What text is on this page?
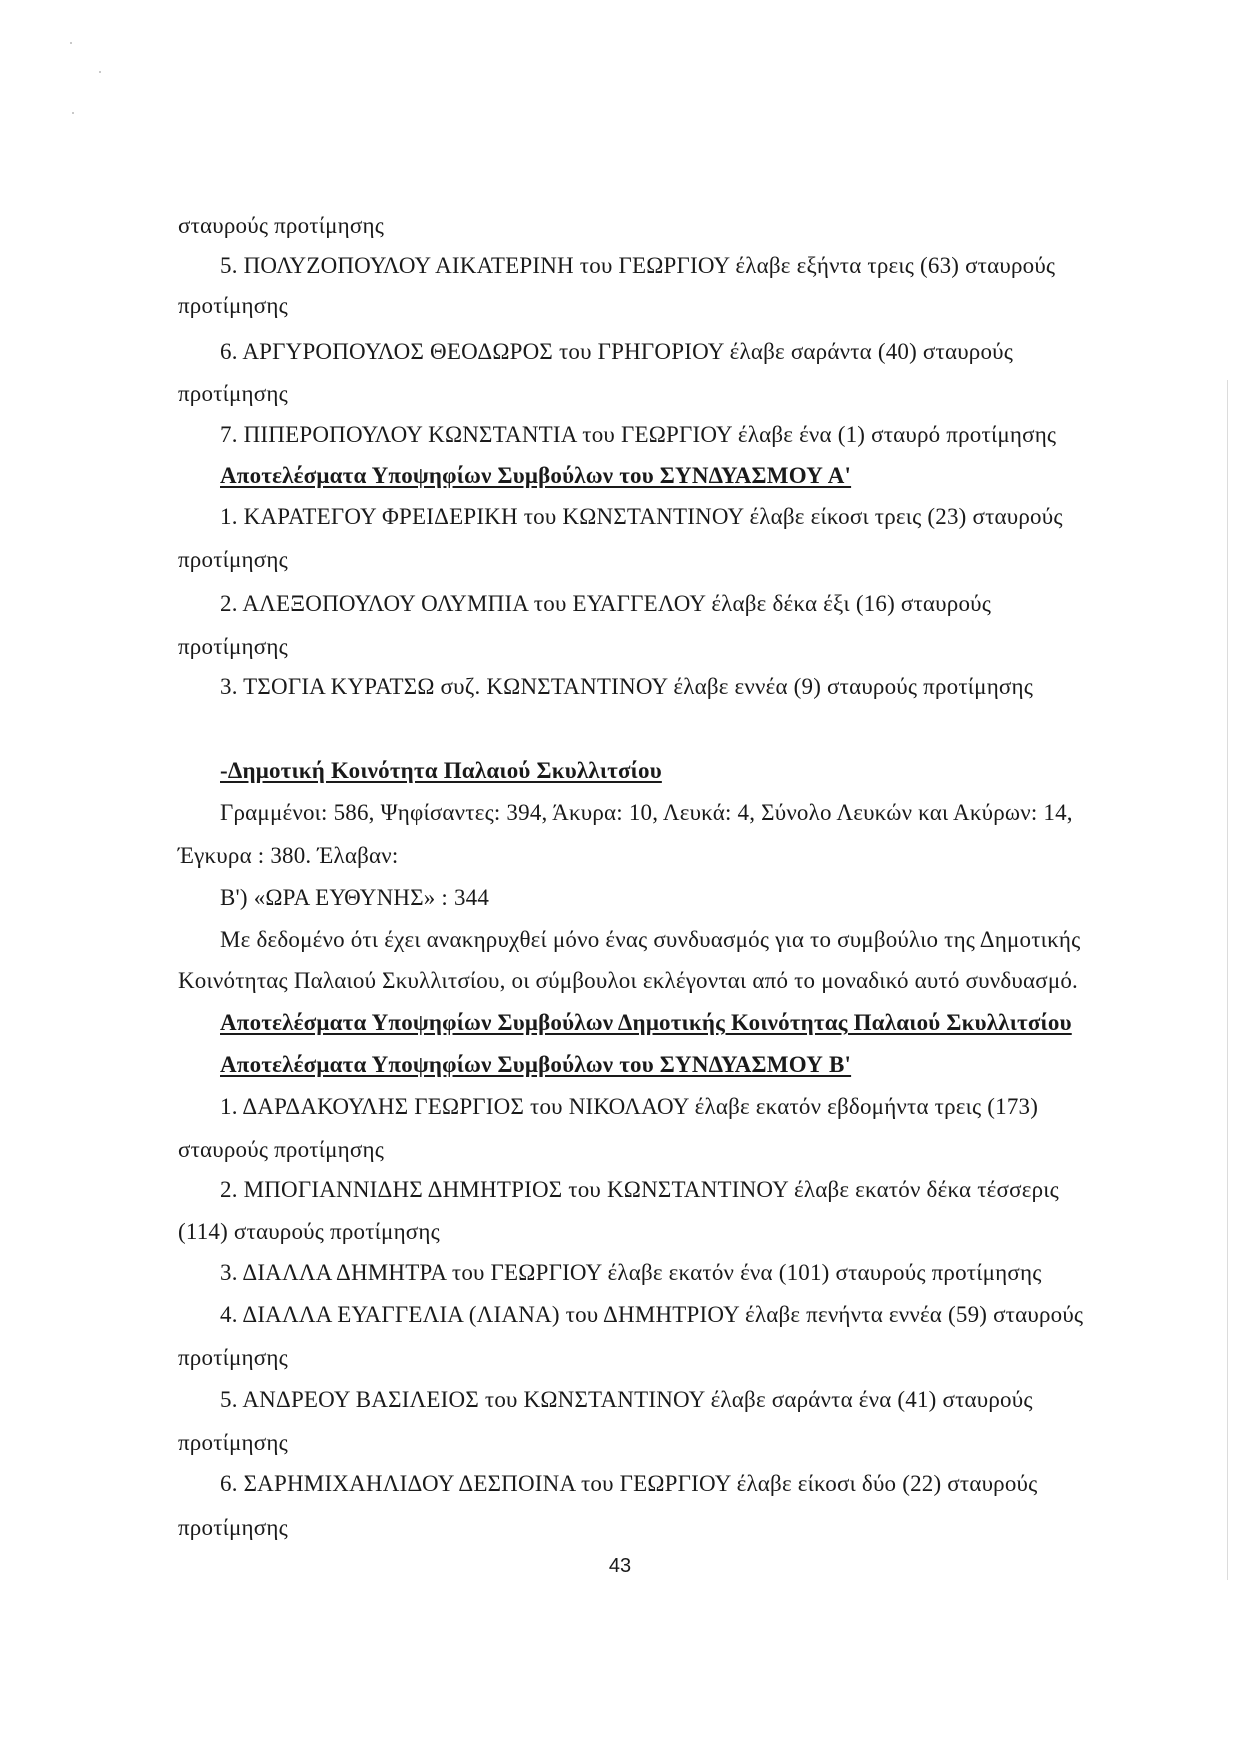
σταυρούς προτίμησης
5. ΠΟΛΥΖΟΠΟΥΛΟΥ ΑΙΚΑΤΕΡΙΝΗ του ΓΕΩΡΓΙΟΥ έλαβε εξήντα τρεις (63) σταυρούς
προτίμησης
6. ΑΡΓΥΡΟΠΟΥΛΟΣ ΘΕΟΔΩΡΟΣ του ΓΡΗΓΟΡΙΟΥ έλαβε σαράντα (40) σταυρούς
προτίμησης
7. ΠΙΠΕΡΟΠΟΥΛΟΥ ΚΩΝΣΤΑΝΤΙΑ του ΓΕΩΡΓΙΟΥ έλαβε ένα (1) σταυρό προτίμησης
Αποτελέσματα Υποψηφίων Συμβούλων του ΣΥΝΔΥΑΣΜΟΥ Α'
1. ΚΑΡΑΤΕΓΟΥ ΦΡΕΙΔΕΡΙΚΗ του ΚΩΝΣΤΑΝΤΙΝΟΥ έλαβε είκοσι τρεις (23) σταυρούς
προτίμησης
2. ΑΛΕΞΟΠΟΥΛΟΥ ΟΛΥΜΠΙΑ του ΕΥΑΓΓΕΛΟΥ έλαβε δέκα έξι (16) σταυρούς
προτίμησης
3. ΤΣΟΓΙΑ ΚΥΡΑΤΣΩ συζ. ΚΩΝΣΤΑΝΤΙΝΟΥ έλαβε εννέα (9) σταυρούς προτίμησης
-Δημοτική Κοινότητα Παλαιού Σκυλλιτσίου
Γραμμένοι: 586, Ψηφίσαντες: 394, Άκυρα: 10, Λευκά: 4, Σύνολο Λευκών και Ακύρων: 14,
Έγκυρα : 380. Έλαβαν:
Β') «ΩΡΑ ΕΥΘΥΝΗΣ» : 344
Με δεδομένο ότι έχει ανακηρυχθεί μόνο ένας συνδυασμός για το συμβούλιο της Δημοτικής
Κοινότητας Παλαιού Σκυλλιτσίου, οι σύμβουλοι εκλέγονται από το μοναδικό αυτό συνδυασμό.
Αποτελέσματα Υποψηφίων Συμβούλων Δημοτικής Κοινότητας Παλαιού Σκυλλιτσίου
Αποτελέσματα Υποψηφίων Συμβούλων του ΣΥΝΔΥΑΣΜΟΥ Β'
1. ΔΑΡΔΑΚΟΥΛΗΣ ΓΕΩΡΓΙΟΣ του ΝΙΚΟΛΑΟΥ έλαβε εκατόν εβδομήντα τρεις (173)
σταυρούς προτίμησης
2. ΜΠΟΓΙΑΝΝΙΔΗΣ ΔΗΜΗΤΡΙΟΣ του ΚΩΝΣΤΑΝΤΙΝΟΥ έλαβε εκατόν δέκα τέσσερις
(114) σταυρούς προτίμησης
3. ΔΙΑΛΛΑ ΔΗΜΗΤΡΑ του ΓΕΩΡΓΙΟΥ έλαβε εκατόν ένα (101) σταυρούς προτίμησης
4. ΔΙΑΛΛΑ ΕΥΑΓΓΕΛΙΑ (ΛΙΑΝΑ) του ΔΗΜΗΤΡΙΟΥ έλαβε πενήντα εννέα (59) σταυρούς
προτίμησης
5. ΑΝΔΡΕΟΥ ΒΑΣΙΛΕΙΟΣ του ΚΩΝΣΤΑΝΤΙΝΟΥ έλαβε σαράντα ένα (41) σταυρούς
προτίμησης
6. ΣΑΡΗΜΙΧΑΗΛΙΔΟΥ ΔΕΣΠΟΙΝΑ του ΓΕΩΡΓΙΟΥ έλαβε είκοσι δύο (22) σταυρούς
προτίμησης
43
